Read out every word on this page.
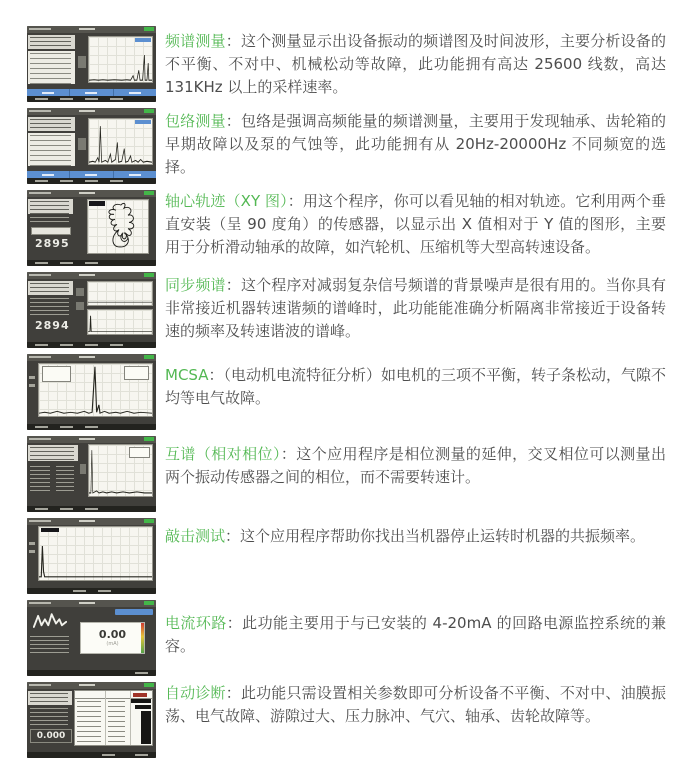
频谱测量：这个测量显示出设备振动的频谱图及时间波形，主要分析设备的不平衡、不对中、机械松动等故障，此功能拥有高达 25600 线数，高达 131KHz 以上的采样速率。

包络测量：包络是强调高频能量的频谱测量，主要用于发现轴承、齿轮箱的早期故障以及泵的气蚀等，此功能拥有从 20Hz-20000Hz 不同频宽的选择。

2895

轴心轨迹（XY 图）：用这个程序，你可以看见轴的相对轨迹。它利用两个垂直安装（呈 90 度角）的传感器，以显示出 X 值相对于 Y 值的图形，主要用于分析滑动轴承的故障，如汽轮机、压缩机等大型高转速设备。

2894

同步频谱：这个程序对减弱复杂信号频谱的背景噪声是很有用的。当你具有非常接近机器转速谐频的谱峰时，此功能能准确分析隔离非常接近于设备转速的频率及转速谐波的谱峰。

MCSA：（电动机电流特征分析）如电机的三项不平衡，转子条松动，气隙不均等电气故障。

互谱（相对相位）：这个应用程序是相位测量的延伸，交叉相位可以测量出两个振动传感器之间的相位，而不需要转速计。

敲击测试：这个应用程序帮助你找出当机器停止运转时机器的共振频率。

0.00
(mA)

电流环路：此功能主要用于与已安装的 4-20mA 的回路电源监控系统的兼容。

0.000

自动诊断：此功能只需设置相关参数即可分析设备不平衡、不对中、油膜振荡、电气故障、游隙过大、压力脉冲、气穴、轴承、齿轮故障等。
